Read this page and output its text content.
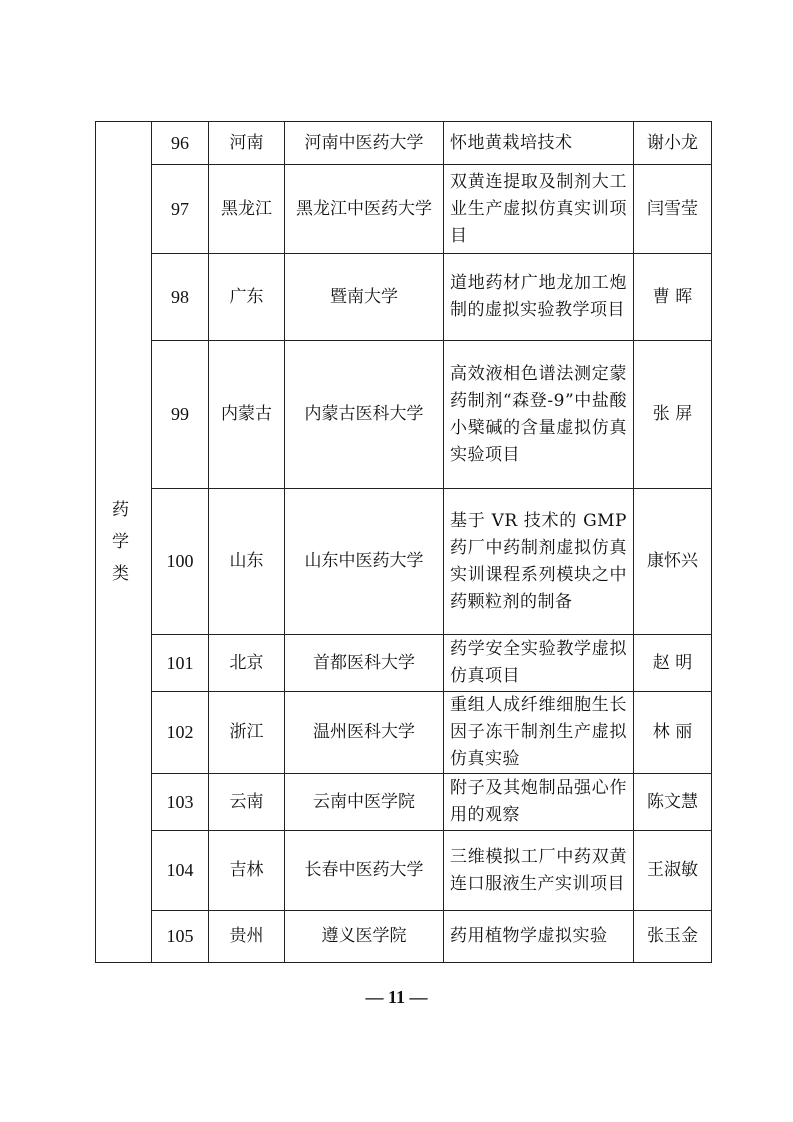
药学类	96	河南	河南中医药大学	怀地黄栽培技术	谢小龙
	97	黑龙江	黑龙江中医药大学	双黄连提取及制剂大工业生产虚拟仿真实训项目	闫雪莹
	98	广东	暨南大学	道地药材广地龙加工炮制的虚拟实验教学项目	曹 晖
	99	内蒙古	内蒙古医科大学	高效液相色谱法测定蒙药制剂“森登-9”中盐酸小檗碱的含量虚拟仿真实验项目	张 屏
	100	山东	山东中医药大学	基于 VR 技术的 GMP 药厂中药制剂虚拟仿真实训课程系列模块之中药颗粒剂的制备	康怀兴
	101	北京	首都医科大学	药学安全实验教学虚拟仿真项目	赵 明
	102	浙江	温州医科大学	重组人成纤维细胞生长因子冻干制剂生产虚拟仿真实验	林 丽
	103	云南	云南中医学院	附子及其炮制品强心作用的观察	陈文慧
	104	吉林	长春中医药大学	三维模拟工厂中药双黄连口服液生产实训项目	王淑敏
	105	贵州	遵义医学院	药用植物学虚拟实验	张玉金
— 11 —
